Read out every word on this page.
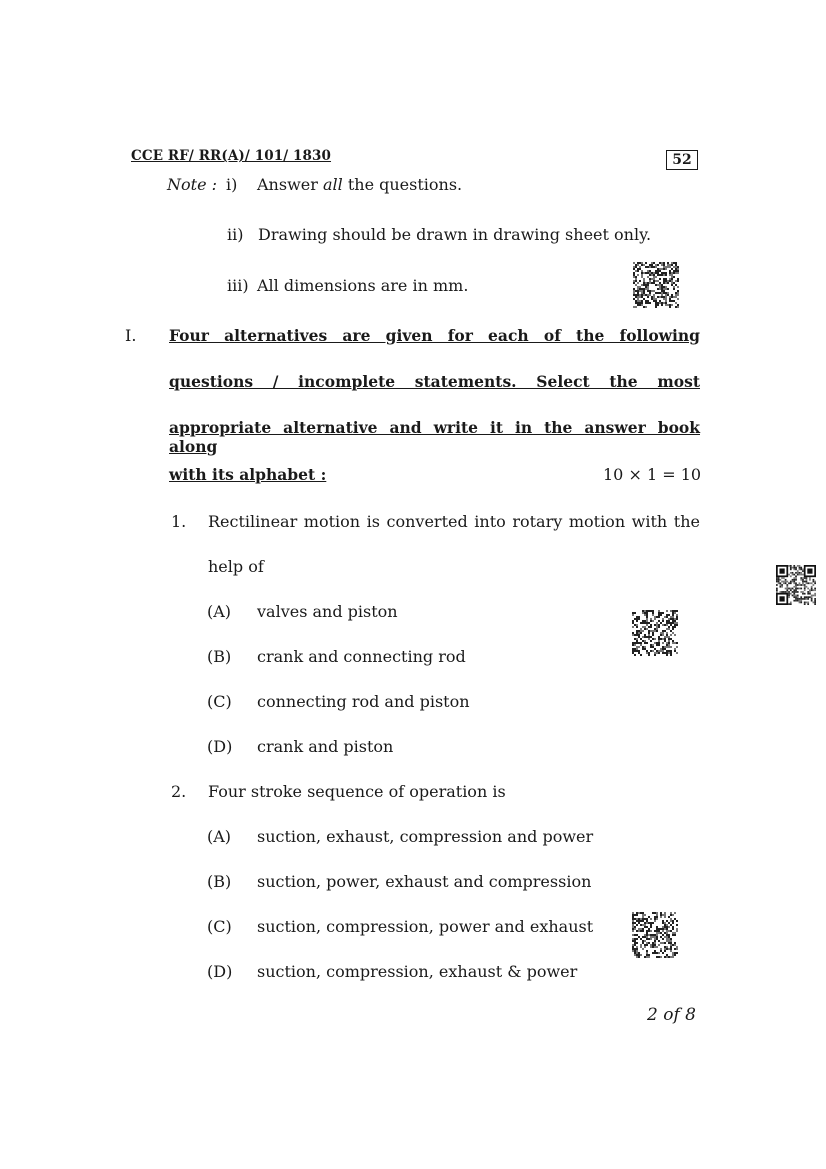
CCE RF/ RR(A)/ 101/ 1830	52
Note : i) Answer all the questions.
ii) Drawing should be drawn in drawing sheet only.
iii) All dimensions are in mm.
I. Four alternatives are given for each of the following
questions / incomplete statements. Select the most
appropriate alternative and write it in the answer book along
with its alphabet :	10 × 1 = 10
1. Rectilinear motion is converted into rotary motion with the
help of
(A) valves and piston
(B) crank and connecting rod
(C) connecting rod and piston
(D) crank and piston
2. Four stroke sequence of operation is
(A) suction, exhaust, compression and power
(B) suction, power, exhaust and compression
(C) suction, compression, power and exhaust
(D) suction, compression, exhaust & power
2 of 8
